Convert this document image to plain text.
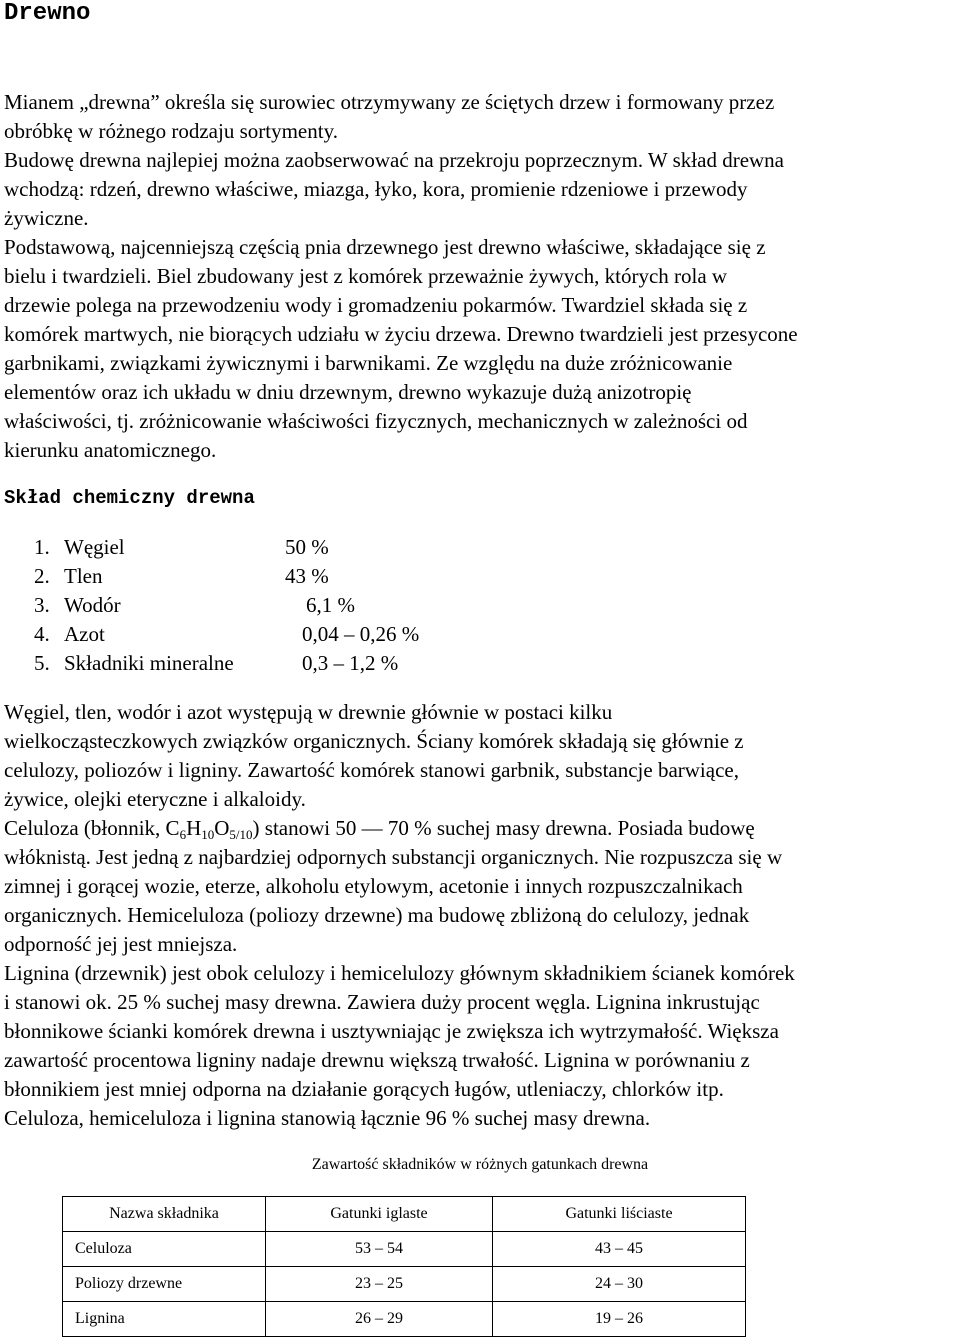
Drewno
Mianem „drewna” określa się surowiec otrzymywany ze ściętych drzew i formowany przez
obróbkę w różnego rodzaju sortymenty.
Budowę drewna najlepiej można zaobserwować na przekroju poprzecznym. W skład drewna
wchodzą: rdzeń, drewno właściwe, miazga, łyko, kora, promienie rdzeniowe i przewody
żywiczne.
Podstawową, najcenniejszą częścią pnia drzewnego jest drewno właściwe, składające się z
bielu i twardzieli. Biel zbudowany jest z komórek przeważnie żywych, których rola w
drzewie polega na przewodzeniu wody i gromadzeniu pokarmów. Twardziel składa się z
komórek martwych, nie biorących udziału w życiu drzewa. Drewno twardzieli jest przesycone
garbnikami, związkami żywicznymi i barwnikami. Ze względu na duże zróżnicowanie
elementów oraz ich układu w dniu drzewnym, drewno wykazuje dużą anizotropię
właściwości, tj. zróżnicowanie właściwości fizycznych, mechanicznych w zależności od
kierunku anatomicznego.
Skład chemiczny drewna
1. Węgiel	50 %
2. Tlen	43 %
3. Wodór	6,1 %
4. Azot	0,04 – 0,26 %
5. Składniki mineralne	0,3 – 1,2 %
Węgiel, tlen, wodór i azot występują w drewnie głównie w postaci kilku
wielkocząsteczkowych związków organicznych. Ściany komórek składają się głównie z
celulozy, poliozów i ligniny. Zawartość komórek stanowi garbnik, substancje barwiące,
żywice, olejki eteryczne i alkaloidy.
Celuloza (błonnik, $C_6H_{10}O_{5/10}$) stanowi 50 — 70 % suchej masy drewna. Posiada budowę
włóknistą. Jest jedną z najbardziej odpornych substancji organicznych. Nie rozpuszcza się w
zimnej i gorącej wozie, eterze, alkoholu etylowym, acetonie i innych rozpuszczalnikach
organicznych. Hemiceluloza (poliozy drzewne) ma budowę zbliżoną do celulozy, jednak
odporność jej jest mniejsza.
Lignina (drzewnik) jest obok celulozy i hemicelulozy głównym składnikiem ścianek komórek
i stanowi ok. 25 % suchej masy drewna. Zawiera duży procent węgla. Lignina inkrustując
błonnikowe ścianki komórek drewna i usztywniając je zwiększa ich wytrzymałość. Większa
zawartość procentowa ligniny nadaje drewnu większą trwałość. Lignina w porównaniu z
błonnikiem jest mniej odporna na działanie gorących ługów, utleniaczy, chlorków itp.
Celuloza, hemiceluloza i lignina stanowią łącznie 96 % suchej masy drewna.
Zawartość składników w różnych gatunkach drewna
Nazwa składnika	Gatunki iglaste	Gatunki liściaste
Celuloza	53 – 54	43 – 45
Poliozy drzewne	23 – 25	24 – 30
Lignina	26 – 29	19 – 26
